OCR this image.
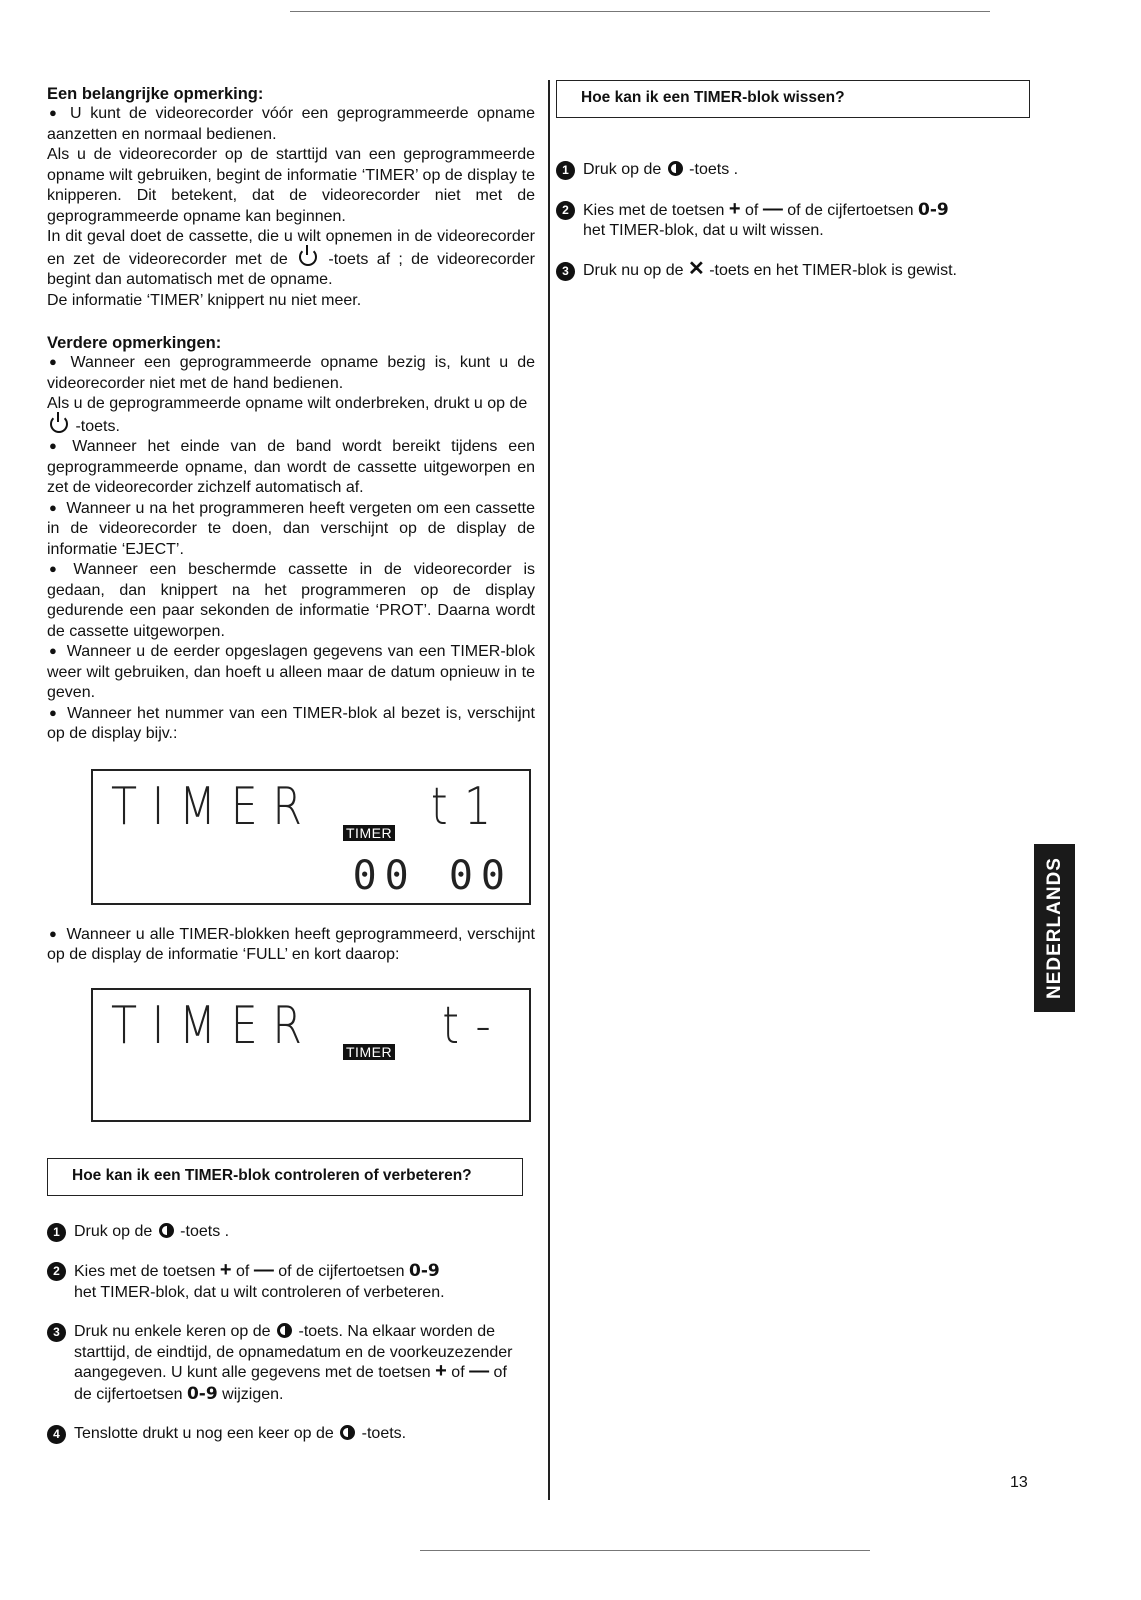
Een belangrijke opmerking:

● U kunt de videorecorder vóór een geprogrammeerde opname aanzetten en normaal bedienen.

Als u de videorecorder op de starttijd van een geprogrammeerde opname wilt gebruiken, begint de informatie ‘TIMER’ op de display te knipperen. Dit betekent, dat de videorecorder niet met de geprogrammeerde opname kan beginnen.

In dit geval doet de cassette, die u wilt opnemen in de videorecorder en zet de videorecorder met de	-toets af ; de videorecorder begint dan automatisch met de opname.

De informatie ‘TIMER’ knippert nu niet meer.

Verdere opmerkingen:

● Wanneer een geprogrammeerde opname bezig is, kunt u de videorecorder niet met de hand bedienen.

Als u de geprogrammeerde opname wilt onderbreken, drukt u op de
-toets.

● Wanneer het einde van de band wordt bereikt tijdens een geprogrammeerde opname, dan wordt de cassette uitgeworpen en zet de videorecorder zichzelf automatisch af.

● Wanneer u na het programmeren heeft vergeten om een cassette in de videorecorder te doen, dan verschijnt op de display de informatie ‘EJECT’.

● Wanneer een beschermde cassette in de videorecorder is gedaan, dan knippert na het programmeren op de display gedurende een paar sekonden de informatie ‘PROT’. Daarna wordt de cassette uitgeworpen.

● Wanneer u de eerder opgeslagen gegevens van een TIMER-blok weer wilt gebruiken, dan hoeft u alleen maar de datum opnieuw in te geven.

● Wanneer het nummer van een TIMER-blok al bezet is, verschijnt op de display bijv.:

TIMER t1
TIMER
00 00

● Wanneer u alle TIMER-blokken heeft geprogrammeerd, verschijnt op de display de informatie ‘FULL’ en kort daarop:

TIMER t-
TIMER
Hoe kan ik een TIMER-blok controleren of verbeteren?
1 Druk op de -toets .
2 Kies met de toetsen + of — of de cijfertoetsen 0-9
het TIMER-blok, dat u wilt controleren of verbeteren.
3 Druk nu enkele keren op de -toets. Na elkaar worden de starttijd, de eindtijd, de opnamedatum en de voorkeuzezender aangegeven. U kunt alle gegevens met de toetsen + of — of
de cijfertoetsen 0-9 wijzigen.
4 Tenslotte drukt u nog een keer op de -toets.
Hoe kan ik een TIMER-blok wissen?
1 Druk op de -toets .
2 Kies met de toetsen + of — of de cijfertoetsen 0-9
het TIMER-blok, dat u wilt wissen.
3 Druk nu op de ✕ -toets en het TIMER-blok is gewist.
NEDERLANDS
13
